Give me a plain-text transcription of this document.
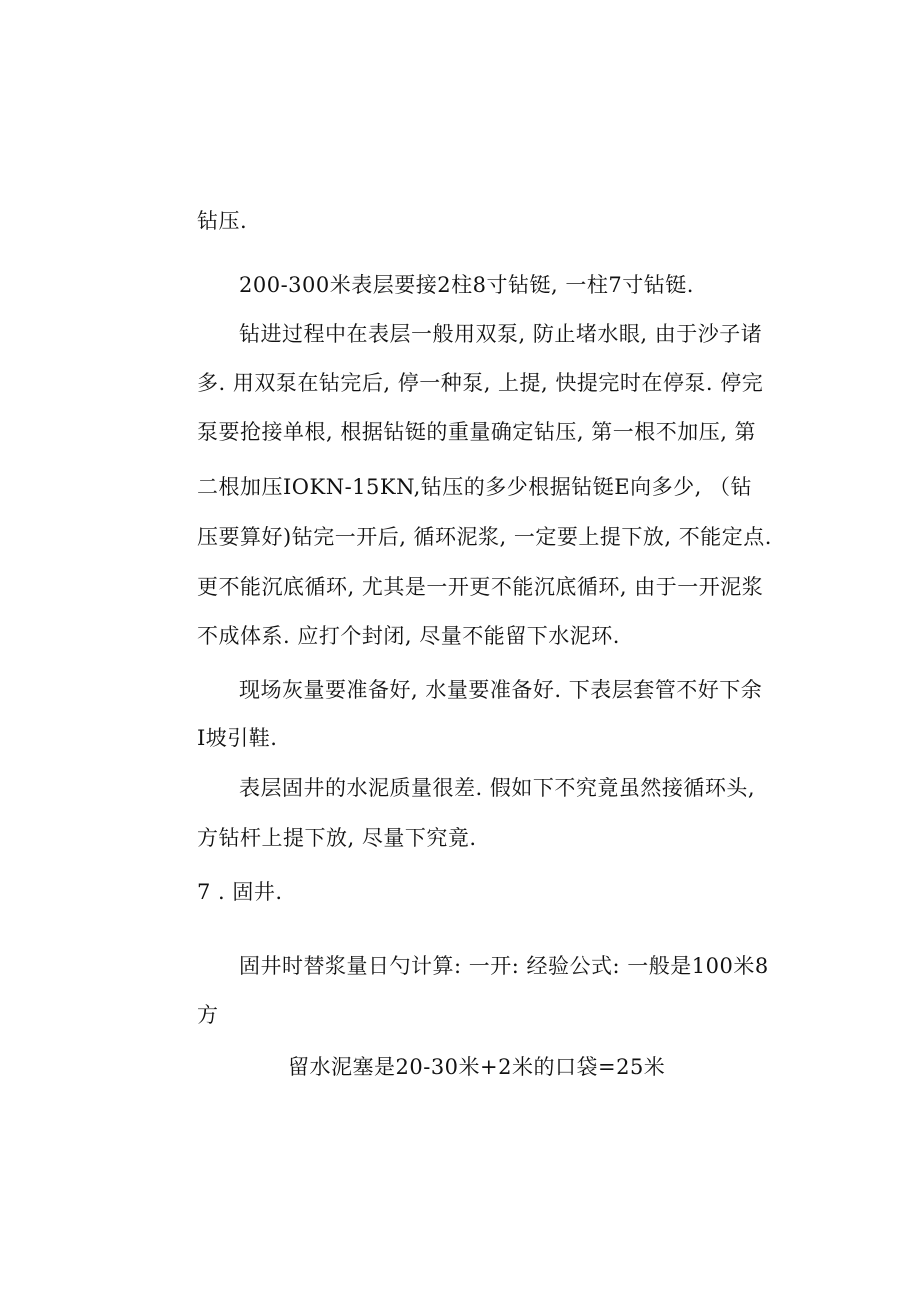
钻压.
200-300米表层要接2柱8寸钻铤, 一柱7寸钻铤.
钻进过程中在表层一般用双泵, 防止堵水眼, 由于沙子诸
多. 用双泵在钻完后, 停一种泵, 上提, 快提完时在停泵. 停完
泵要抢接单根, 根据钻铤的重量确定钻压, 第一根不加压, 第
二根加压IOKN-15KN,钻压的多少根据钻铤E向多少, （钻
压要算好)钻完一开后, 循环泥浆, 一定要上提下放, 不能定点.
更不能沉底循环, 尤其是一开更不能沉底循环, 由于一开泥浆
不成体系. 应打个封闭, 尽量不能留下水泥环.
现场灰量要准备好, 水量要准备好. 下表层套管不好下余
I坡引鞋.
表层固井的水泥质量很差. 假如下不究竟虽然接循环头,
方钻杆上提下放, 尽量下究竟.
7 . 固井.
固井时替浆量日勺计算: 一开: 经验公式: 一般是100米8
方
留水泥塞是20-30米+2米的口袋=25米
